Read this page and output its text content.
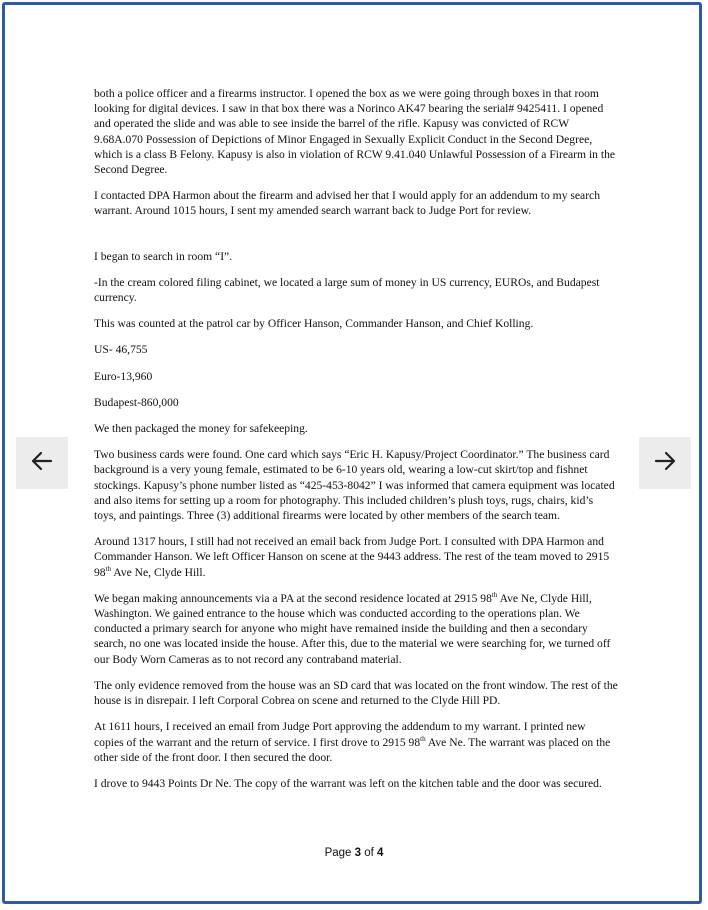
both a police officer and a firearms instructor. I opened the box as we were going through boxes in that room looking for digital devices. I saw in that box there was a Norinco AK47 bearing the serial# 9425411. I opened and operated the slide and was able to see inside the barrel of the rifle. Kapusy was convicted of RCW 9.68A.070 Possession of Depictions of Minor Engaged in Sexually Explicit Conduct in the Second Degree, which is a class B Felony. Kapusy is also in violation of RCW 9.41.040 Unlawful Possession of a Firearm in the Second Degree.

I contacted DPA Harmon about the firearm and advised her that I would apply for an addendum to my search warrant. Around 1015 hours, I sent my amended search warrant back to Judge Port for review.

I began to search in room “I”.

-In the cream colored filing cabinet, we located a large sum of money in US currency, EUROs, and Budapest currency.

This was counted at the patrol car by Officer Hanson, Commander Hanson, and Chief Kolling.

US- 46,755

Euro-13,960

Budapest-860,000

We then packaged the money for safekeeping.

Two business cards were found. One card which says “Eric H. Kapusy/Project Coordinator.” The business card background is a very young female, estimated to be 6-10 years old, wearing a low-cut skirt/top and fishnet stockings. Kapusy’s phone number listed as “425-453-8042” I was informed that camera equipment was located and also items for setting up a room for photography. This included children’s plush toys, rugs, chairs, kid’s toys, and paintings. Three (3) additional firearms were located by other members of the search team.

Around 1317 hours, I still had not received an email back from Judge Port. I consulted with DPA Harmon and Commander Hanson. We left Officer Hanson on scene at the 9443 address. The rest of the team moved to 2915 98th Ave Ne, Clyde Hill.

We began making announcements via a PA at the second residence located at 2915 98th Ave Ne, Clyde Hill, Washington. We gained entrance to the house which was conducted according to the operations plan. We conducted a primary search for anyone who might have remained inside the building and then a secondary search, no one was located inside the house. After this, due to the material we were searching for, we turned off our Body Worn Cameras as to not record any contraband material.

The only evidence removed from the house was an SD card that was located on the front window. The rest of the house is in disrepair. I left Corporal Cobrea on scene and returned to the Clyde Hill PD.

At 1611 hours, I received an email from Judge Port approving the addendum to my warrant. I printed new copies of the warrant and the return of service. I first drove to 2915 98th Ave Ne. The warrant was placed on the other side of the front door. I then secured the door.

I drove to 9443 Points Dr Ne. The copy of the warrant was left on the kitchen table and the door was secured.

Page 3 of 4
